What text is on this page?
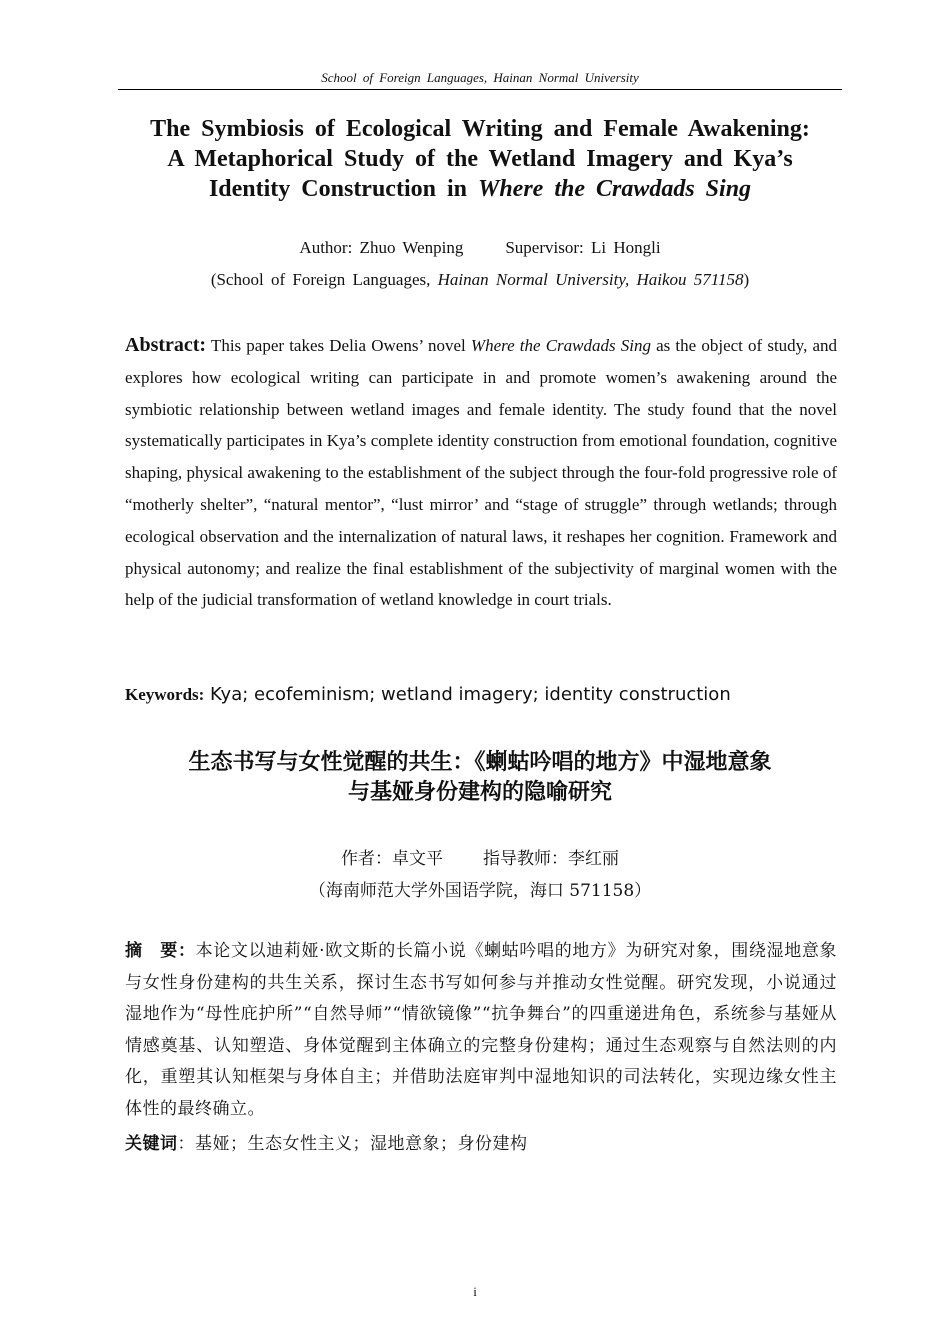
School of Foreign Languages, Hainan Normal University
The Symbiosis of Ecological Writing and Female Awakening:
A Metaphorical Study of the Wetland Imagery and Kya’s
Identity Construction in Where the Crawdads Sing
Author: Zhuo Wenping Supervisor: Li Hongli
(School of Foreign Languages, Hainan Normal University, Haikou 571158)

Abstract: This paper takes Delia Owens’ novel Where the Crawdads Sing as the object of study, and explores how ecological writing can participate in and promote women’s awakening around the symbiotic relationship between wetland images and female identity. The study found that the novel systematically participates in Kya’s complete identity construction from emotional foundation, cognitive shaping, physical awakening to the establishment of the subject through the four-fold progressive role of “motherly shelter”, “natural mentor”, “lust mirror’ and “stage of struggle” through wetlands; through ecological observation and the internalization of natural laws, it reshapes her cognition. Framework and physical autonomy; and realize the final establishment of the subjectivity of marginal women with the help of the judicial transformation of wetland knowledge in court trials.

Keywords: Kya; ecofeminism; wetland imagery; identity construction
生态书写与女性觉醒的共生：《蝲蛄吟唱的地方》中湿地意象
与基娅身份建构的隐喻研究
作者：卓文平 指导教师：李红丽
（海南师范大学外国语学院，海口 571158）

摘　要：本论文以迪莉娅·欧文斯的长篇小说《蝲蛄吟唱的地方》为研究对象，围绕湿地意象与女性身份建构的共生关系，探讨生态书写如何参与并推动女性觉醒。研究发现，小说通过湿地作为“母性庇护所”“自然导师”“情欲镜像”“抗争舞台”的四重递进角色，系统参与基娅从情感奠基、认知塑造、身体觉醒到主体确立的完整身份建构；通过生态观察与自然法则的内化，重塑其认知框架与身体自主；并借助法庭审判中湿地知识的司法转化，实现边缘女性主体性的最终确立。

关键词：基娅；生态女性主义；湿地意象；身份建构
i
